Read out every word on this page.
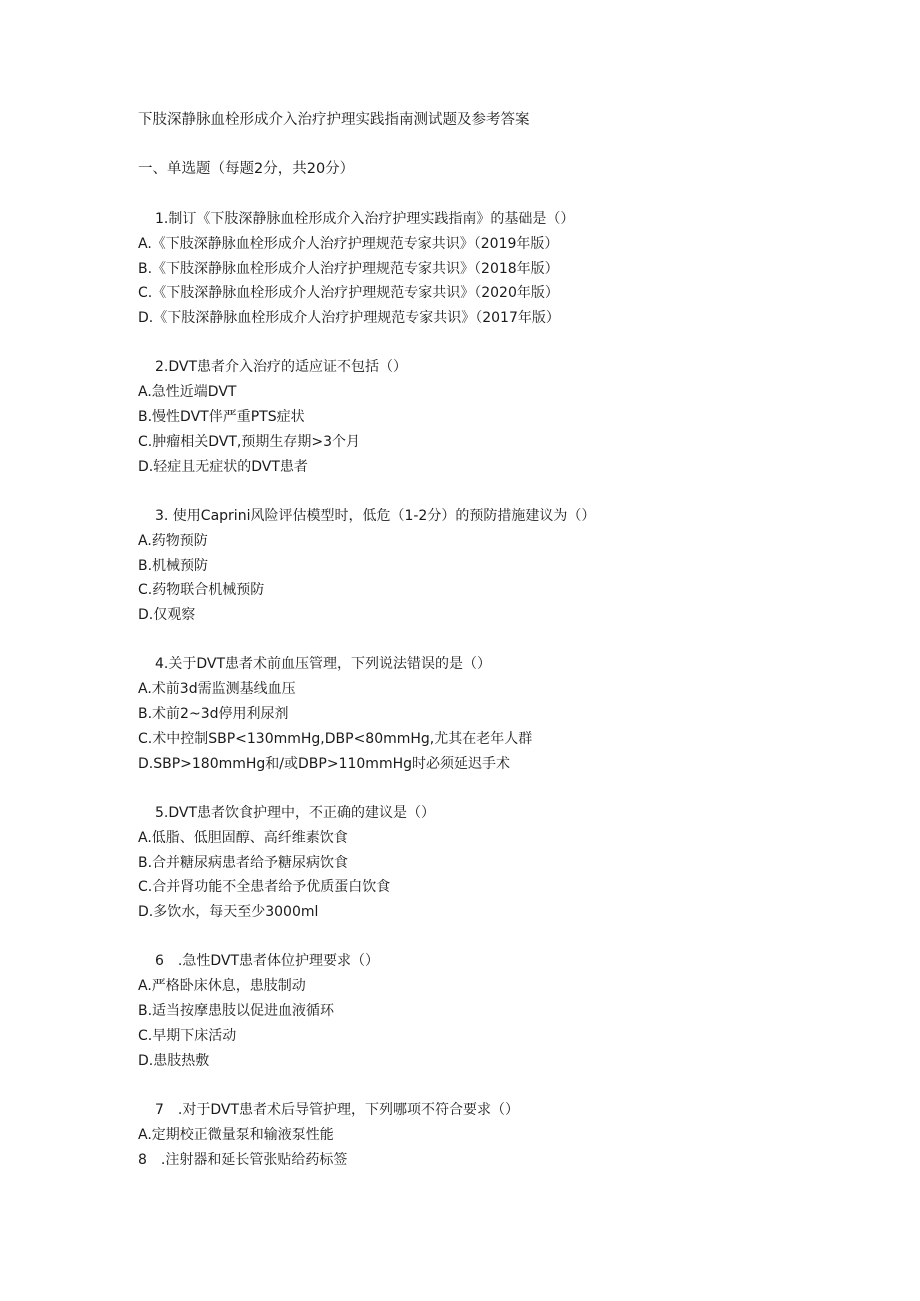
下肢深静脉血栓形成介入治疗护理实践指南测试题及参考答案
一、单选题（每题2分，共20分）
1.制订《下肢深静脉血栓形成介入治疗护理实践指南》的基础是（）
A.《下肢深静脉血栓形成介人治疗护理规范专家共识》（2019年版）
B.《下肢深静脉血栓形成介人治疗护理规范专家共识》（2018年版）
C.《下肢深静脉血栓形成介人治疗护理规范专家共识》（2020年版）
D.《下肢深静脉血栓形成介人治疗护理规范专家共识》（2017年版）
2.DVT患者介入治疗的适应证不包括（）
A.急性近端DVT
B.慢性DVT伴严重PTS症状
C.肿瘤相关DVT,预期生存期>3个月
D.轻症且无症状的DVT患者
3. 使用Caprini风险评估模型时，低危（1-2分）的预防措施建议为（）
A.药物预防
B.机械预防
C.药物联合机械预防
D.仅观察
4.关于DVT患者术前血压管理，下列说法错误的是（）
A.术前3d需监测基线血压
B.术前2~3d停用利尿剂
C.术中控制SBP<130mmHg,DBP<80mmHg,尤其在老年人群
D.SBP>180mmHg和/或DBP>110mmHg时必须延迟手术
5.DVT患者饮食护理中，不正确的建议是（）
A.低脂、低胆固醇、高纤维素饮食
B.合并糖尿病患者给予糖尿病饮食
C.合并肾功能不全患者给予优质蛋白饮食
D.多饮水，每天至少3000ml
6　.急性DVT患者体位护理要求（）
A.严格卧床休息，患肢制动
B.适当按摩患肢以促进血液循环
C.早期下床活动
D.患肢热敷
7　.对于DVT患者术后导管护理，下列哪项不符合要求（）
A.定期校正微量泵和输液泵性能
8　.注射器和延长管张贴给药标签
